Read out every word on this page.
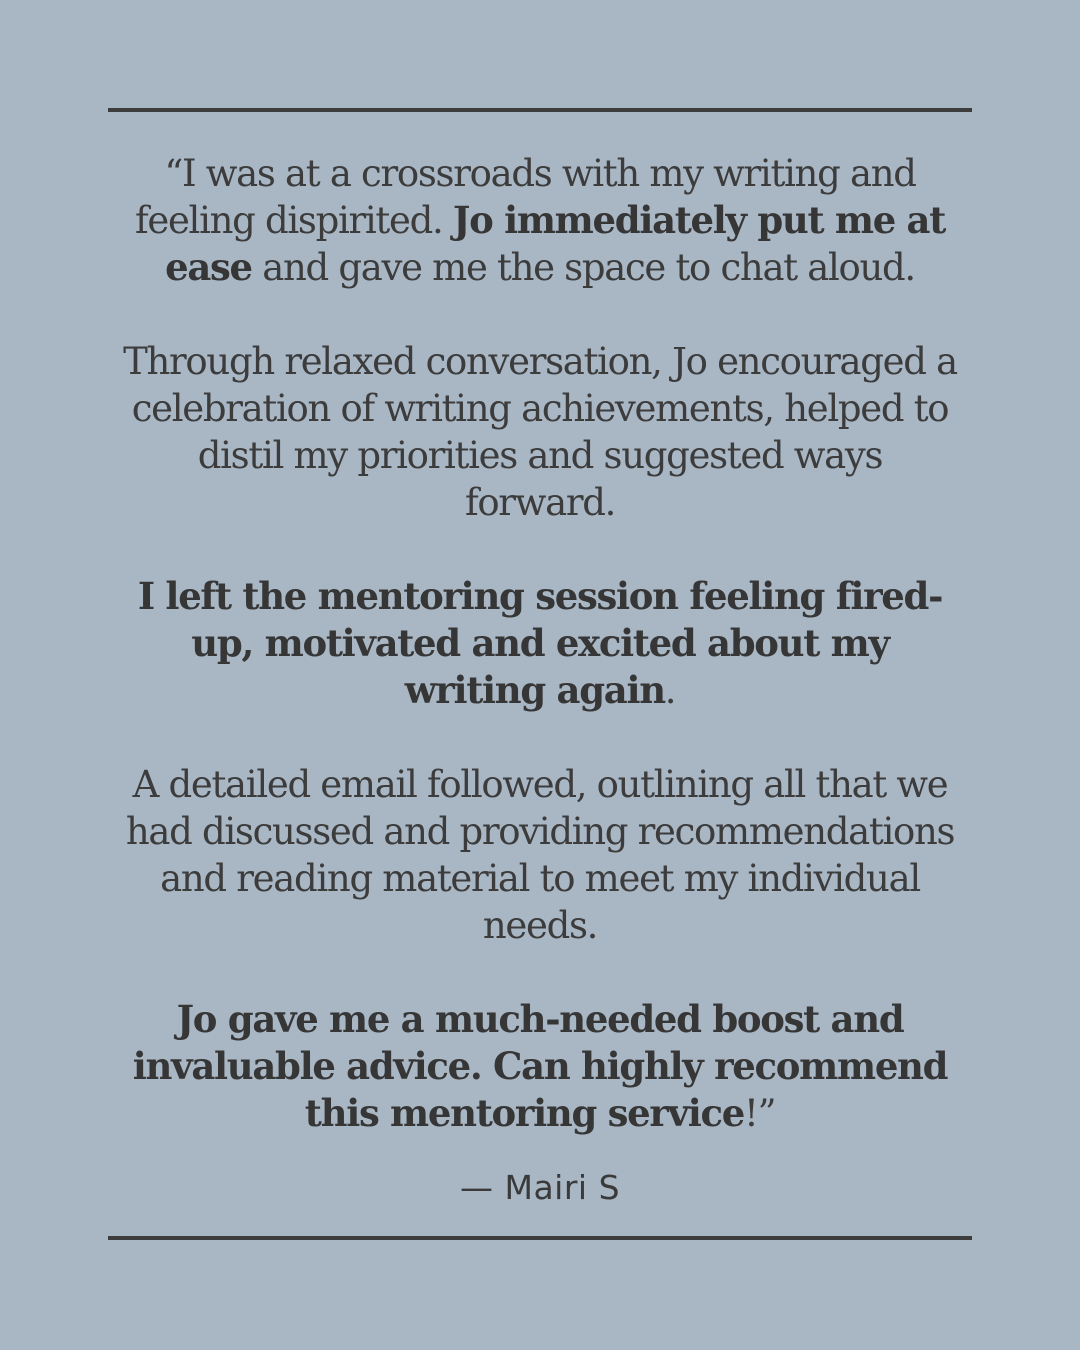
“I was at a crossroads with my writing and feeling dispirited. Jo immediately put me at ease and gave me the space to chat aloud.

Through relaxed conversation, Jo encouraged a celebration of writing achievements, helped to distil my priorities and suggested ways forward.

I left the mentoring session feeling fired-up, motivated and excited about my writing again.

A detailed email followed, outlining all that we had discussed and providing recommendations and reading material to meet my individual needs.

Jo gave me a much-needed boost and invaluable advice. Can highly recommend this mentoring service!”

— Mairi S
